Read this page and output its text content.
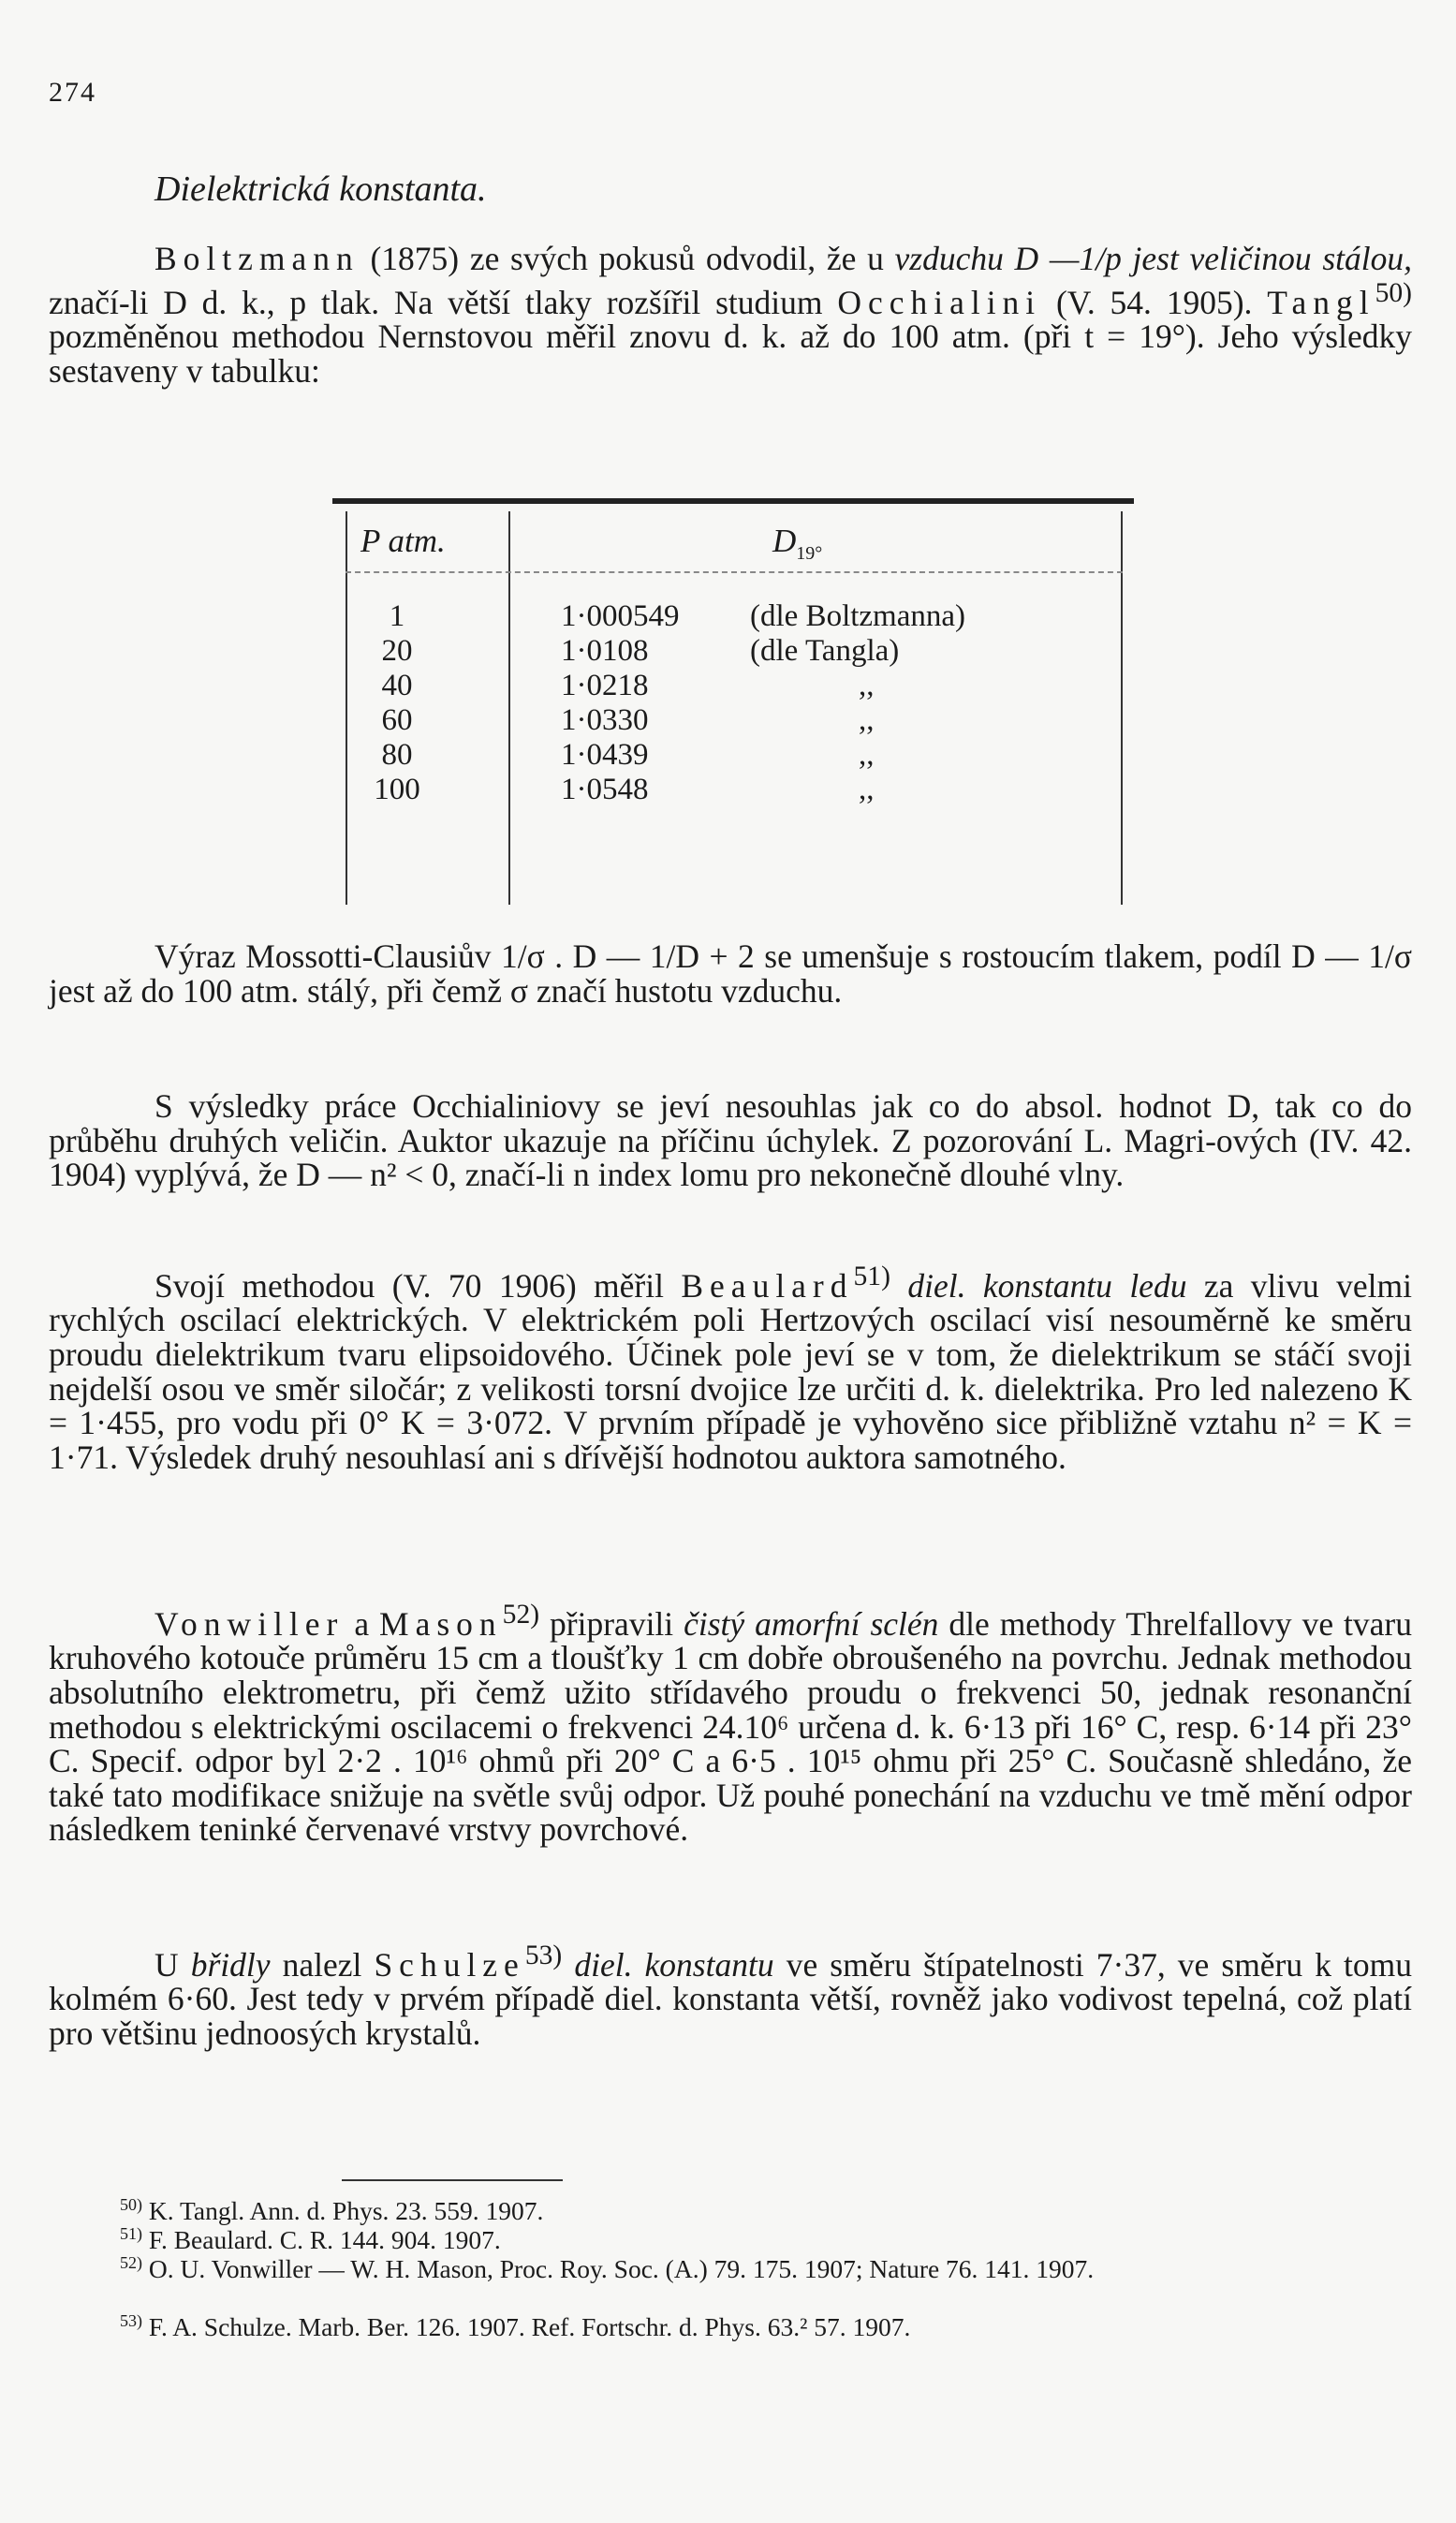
274
Dielektrická konstanta.
Boltzmann (1875) ze svých pokusů odvodil, že u vzduchu D —1/p jest veličinou stálou, značí-li D d. k., p tlak. Na větší tlaky rozšířil studium Occhialini (V. 54. 1905). Tangl$^{50)}$ pozměněnou methodou Nernstovou měřil znovu d. k. až do 100 atm. (při t = 19°). Jeho výsledky sestaveny v tabulku:
P atm.	$D_{19^\circ}$
1	1·000549 (dle Boltzmanna)
20	1·0108	(dle Tangla)
40	1·0218	,,
60	1·0330	,,
80	1·0439	,,
100	1·0548	,,
Výraz Mossotti-Clausiův 1/σ . D — 1/D + 2 se umenšuje s rostoucím tlakem, podíl D — 1/σ jest až do 100 atm. stálý, při čemž σ značí hustotu vzduchu.
S výsledky práce Occhialiniovy se jeví nesouhlas jak co do absol. hodnot D, tak co do průběhu druhých veličin. Auktor ukazuje na příčinu úchylek. Z pozorování L. Magri-ových (IV. 42. 1904) vyplývá, že D — n² < 0, značí-li n index lomu pro nekonečně dlouhé vlny.
Svojí methodou (V. 70 1906) měřil Beaulard$^{51)}$ diel. konstantu ledu za vlivu velmi rychlých oscilací elektrických. V elektrickém poli Hertzových oscilací visí nesouměrně ke směru proudu dielektrikum tvaru elipsoidového. Účinek pole jeví se v tom, že dielektrikum se stáčí svoji nejdelší osou ve směr siločár; z velikosti torsní dvojice lze určiti d. k. dielektrika. Pro led nalezeno K = 1·455, pro vodu při 0° K = 3·072. V prvním případě je vyhověno sice přibližně vztahu n² = K = 1·71. Výsledek druhý nesouhlasí ani s dřívější hodnotou auktora samotného.
Vonwiller a Mason$^{52)}$ připravili čistý amorfní sclén dle methody Threlfallovy ve tvaru kruhového kotouče průměru 15 cm a tloušťky 1 cm dobře obroušeného na povrchu. Jednak methodou absolutního elektrometru, při čemž užito střídavého proudu o frekvenci 50, jednak resonanční methodou s elektrickými oscilacemi o frekvenci 24.10⁶ určena d. k. 6·13 při 16° C, resp. 6·14 při 23° C. Specif. odpor byl 2·2 . 10¹⁶ ohmů při 20° C a 6·5 . 10¹⁵ ohmu při 25° C. Současně shledáno, že také tato modifikace snižuje na světle svůj odpor. Už pouhé ponechání na vzduchu ve tmě mění odpor následkem teninké červenavé vrstvy povrchové.
U břidly nalezl Schulze$^{53)}$ diel. konstantu ve směru štípatelnosti 7·37, ve směru k tomu kolmém 6·60. Jest tedy v prvém případě diel. konstanta větší, rovněž jako vodivost tepelná, což platí pro většinu jednoosých krystalů.
$^{50)}$ K. Tangl. Ann. d. Phys. 23. 559. 1907.
$^{51)}$ F. Beaulard. C. R. 144. 904. 1907.
$^{52)}$ O. U. Vonwiller — W. H. Mason, Proc. Roy. Soc. (A.) 79. 175. 1907; Nature 76. 141. 1907.
$^{53)}$ F. A. Schulze. Marb. Ber. 126. 1907. Ref. Fortschr. d. Phys. 63.² 57. 1907.
